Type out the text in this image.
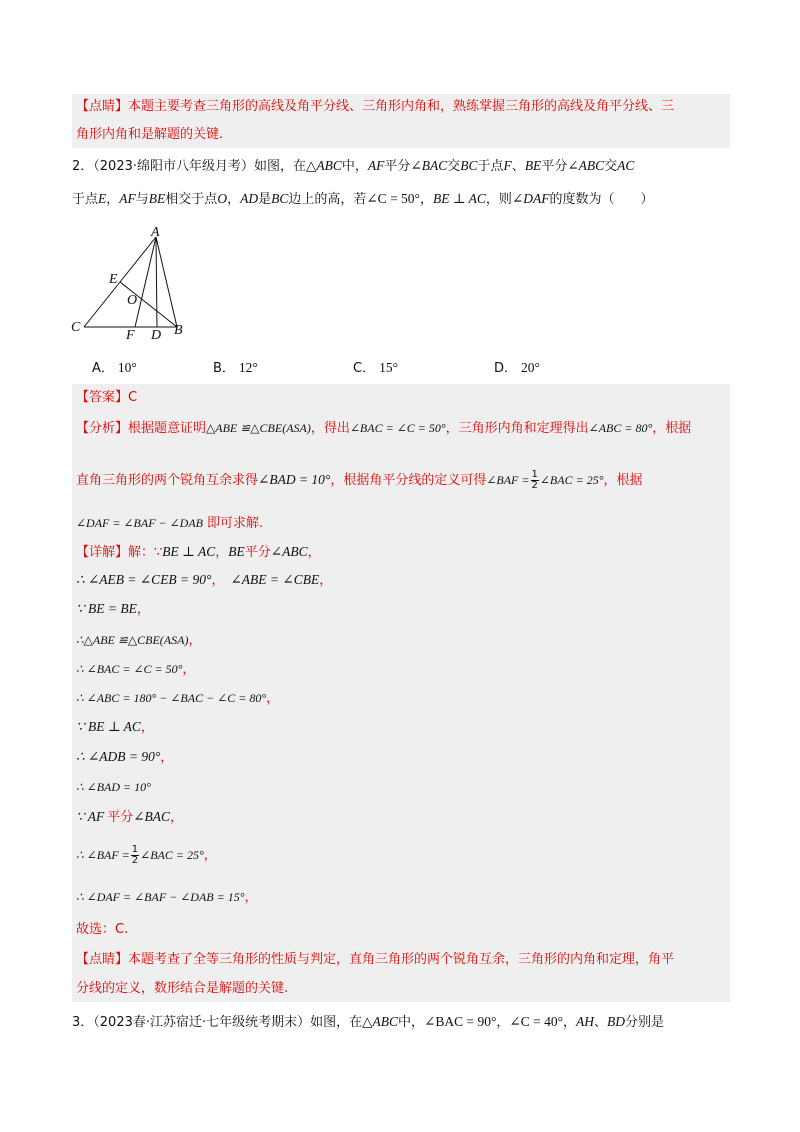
【点睛】本题主要考查三角形的高线及角平分线、三角形内角和，熟练掌握三角形的高线及角平分线、三
角形内角和是解题的关键.
2．（2023·绵阳市八年级月考）如图，在△ABC中，AF平分∠BAC交BC于点F、BE平分∠ABC交AC
于点E，AF与BE相交于点O，AD是BC边上的高，若∠C = 50°，BE ⊥ AC，则∠DAF的度数为（　　）
A
E
O
C
F D B
A． 10°	B． 12°	C． 15°	D． 20°
【答案】C
【分析】根据题意证明△ABE ≌△CBE(ASA)，得出∠BAC = ∠C = 50°，三角形内角和定理得出∠ABC = 80°，根据
直角三角形的两个锐角互余求得∠BAD = 10°，根据角平分线的定义可得∠BAF = $\frac{1}{2}$ ∠BAC = 25°，根据
∠DAF = ∠BAF − ∠DAB 即可求解.
【详解】解：∵BE ⊥ AC，BE平分∠ABC，
∴ ∠AEB = ∠CEB = 90°， ∠ABE = ∠CBE，
∵ BE = BE，
∴△ABE ≌△CBE(ASA)，
∴ ∠BAC = ∠C = 50°，
∴ ∠ABC = 180° − ∠BAC − ∠C = 80°，
∵ BE ⊥ AC，
∴ ∠ADB = 90°，
∴ ∠BAD = 10°
∵ AF 平分∠BAC，
∴ ∠BAF = $\frac{1}{2}$ ∠BAC = 25°，
∴ ∠DAF = ∠BAF − ∠DAB = 15°，
故选：C.
【点睛】本题考查了全等三角形的性质与判定，直角三角形的两个锐角互余，三角形的内角和定理，角平
分线的定义，数形结合是解题的关键.
3．（2023春·江苏宿迁·七年级统考期末）如图，在△ABC中，∠BAC = 90°，∠C = 40°，AH、BD分别是
